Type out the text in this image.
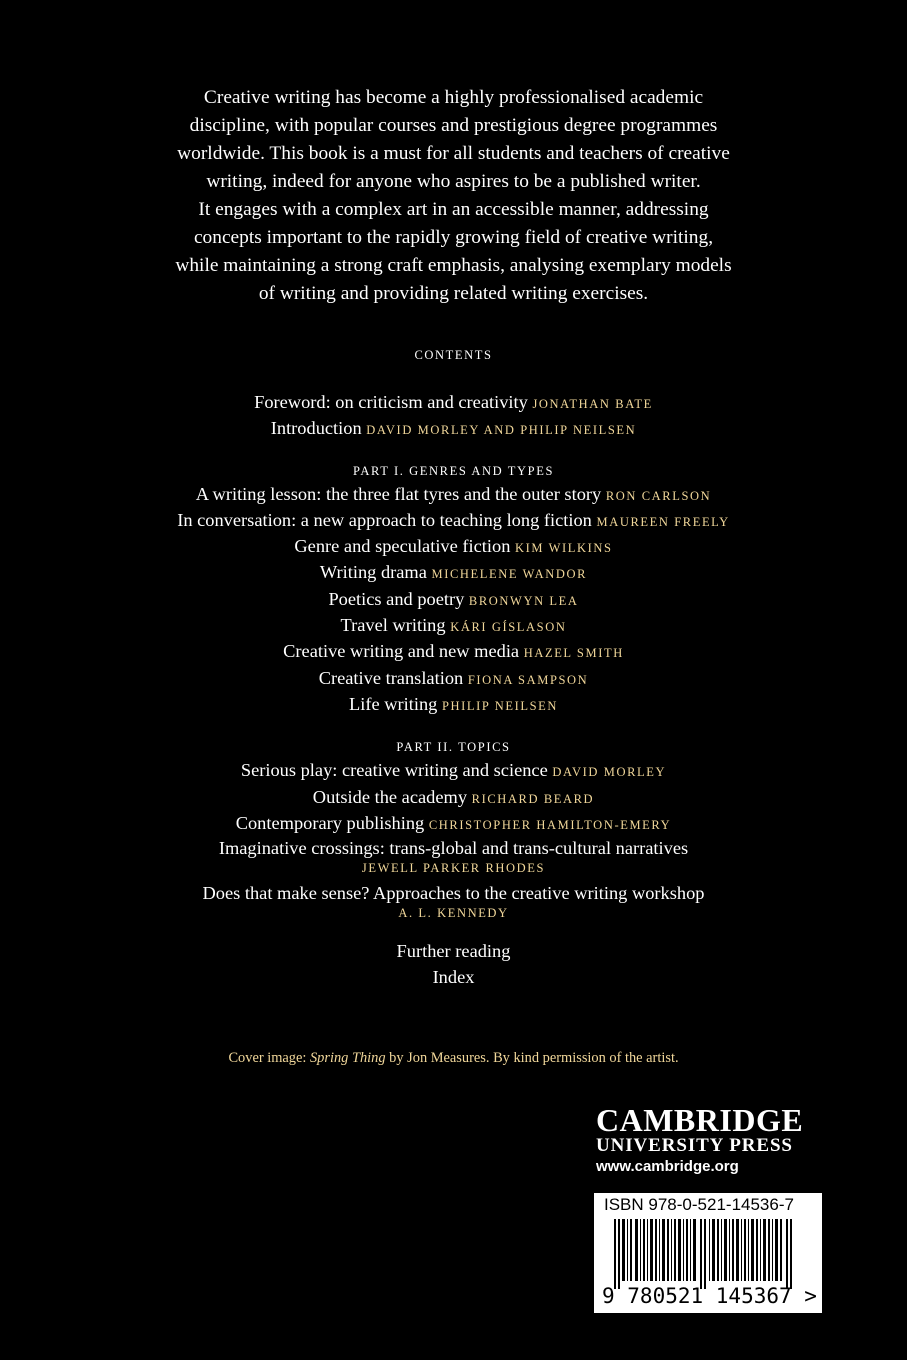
Creative writing has become a highly professionalised academic
discipline, with popular courses and prestigious degree programmes
worldwide. This book is a must for all students and teachers of creative
writing, indeed for anyone who aspires to be a published writer.
It engages with a complex art in an accessible manner, addressing
concepts important to the rapidly growing field of creative writing,
while maintaining a strong craft emphasis, analysing exemplary models
of writing and providing related writing exercises.
CONTENTS
Foreword: on criticism and creativity JONATHAN BATE
Introduction DAVID MORLEY AND PHILIP NEILSEN
PART I. GENRES AND TYPES
A writing lesson: the three flat tyres and the outer story RON CARLSON
In conversation: a new approach to teaching long fiction MAUREEN FREELY
Genre and speculative fiction KIM WILKINS
Writing drama MICHELENE WANDOR
Poetics and poetry BRONWYN LEA
Travel writing KÁRI GÍSLASON
Creative writing and new media HAZEL SMITH
Creative translation FIONA SAMPSON
Life writing PHILIP NEILSEN
PART II. TOPICS
Serious play: creative writing and science DAVID MORLEY
Outside the academy RICHARD BEARD
Contemporary publishing CHRISTOPHER HAMILTON-EMERY
Imaginative crossings: trans-global and trans-cultural narratives
JEWELL PARKER RHODES
Does that make sense? Approaches to the creative writing workshop
A. L. KENNEDY
Further reading
Index
Cover image: Spring Thing by Jon Measures. By kind permission of the artist.
CAMBRIDGE
UNIVERSITY PRESS
www.cambridge.org
ISBN 978-0-521-14536-7
9 780521 145367 >
